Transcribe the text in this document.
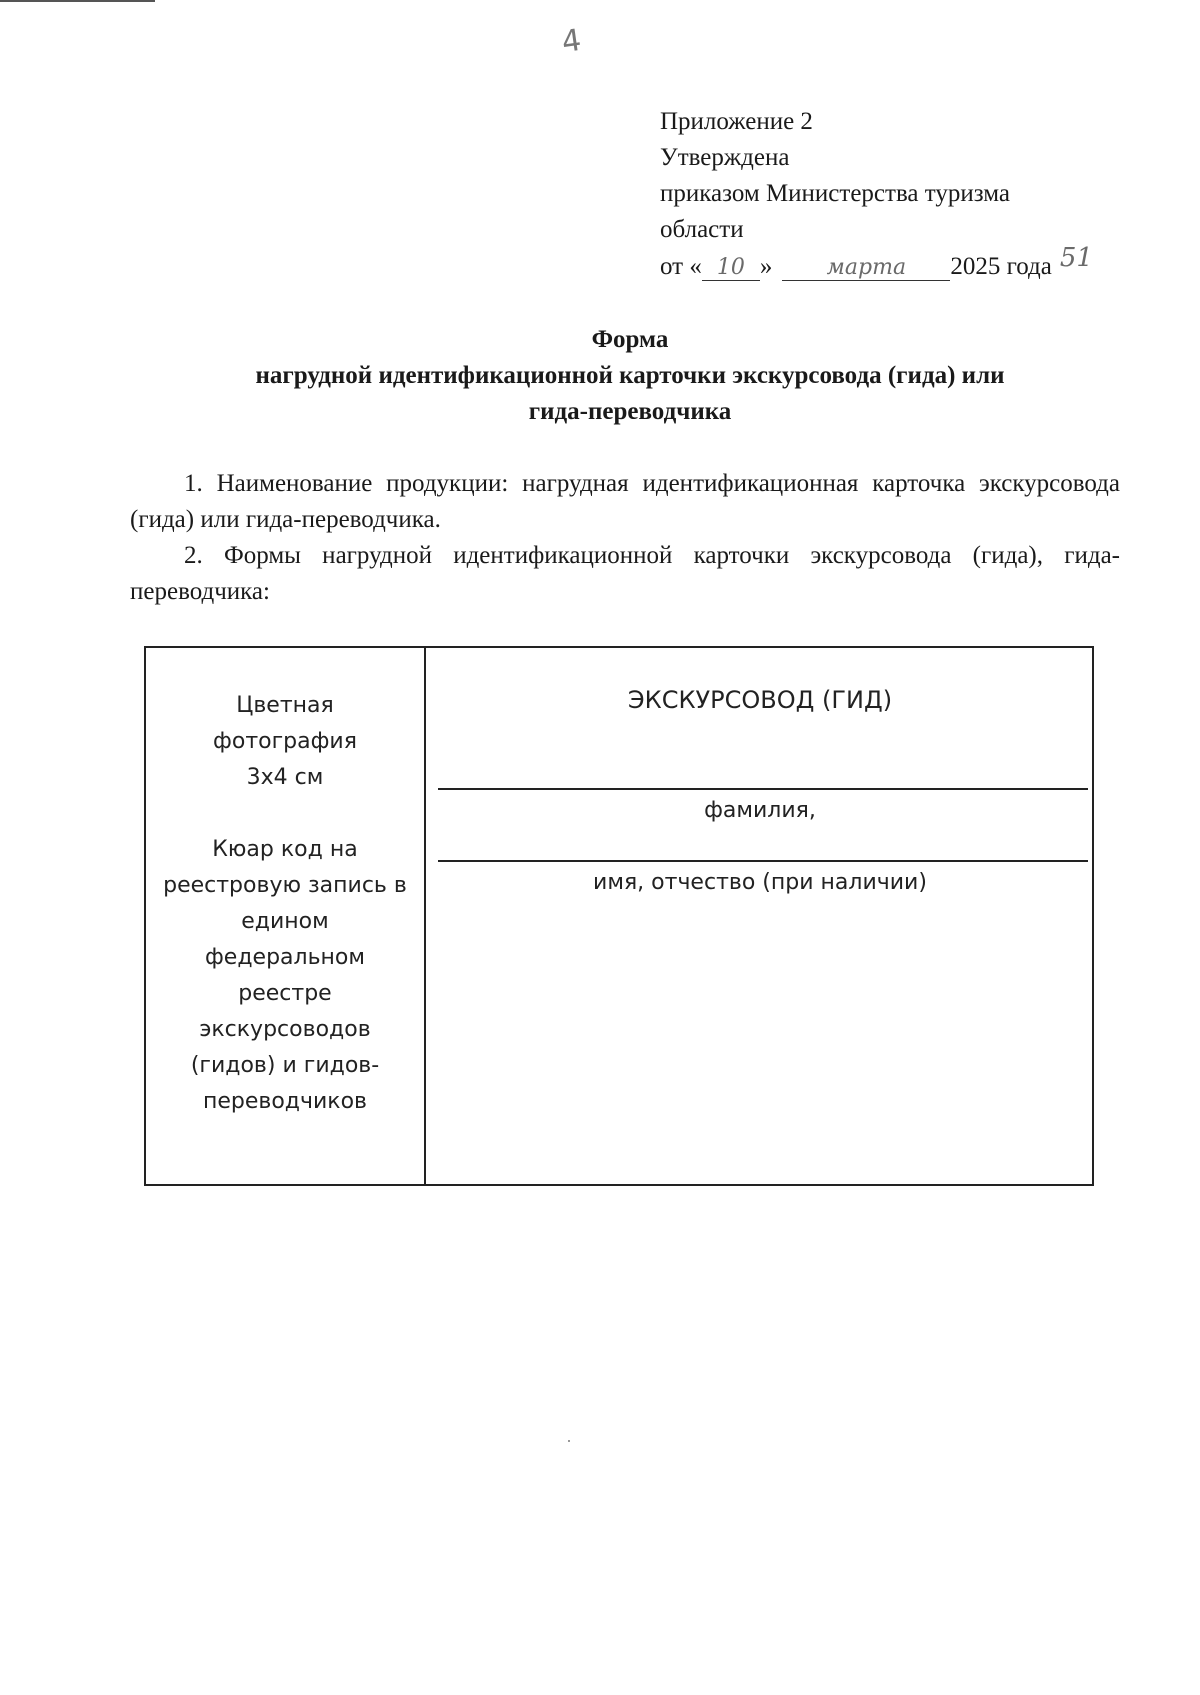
4
Приложение 2
Утверждена
приказом Министерства туризма
области
от « 10 » марта 2025 года 51
Форма
нагрудной идентификационной карточки экскурсовода (гида) или
гида-переводчика

1. Наименование продукции: нагрудная идентификационная карточка экскурсовода (гида) или гида-переводчика.

2. Формы нагрудной идентификационной карточки экскурсовода (гида), гида-переводчика:

Цветная
фотография
3х4 см
Кюар код на
реестровую запись в
едином
федеральном
реестре
экскурсоводов
(гидов) и гидов-
переводчиков
ЭКСКУРСОВОД (ГИД)
фамилия,
имя, отчество (при наличии)
